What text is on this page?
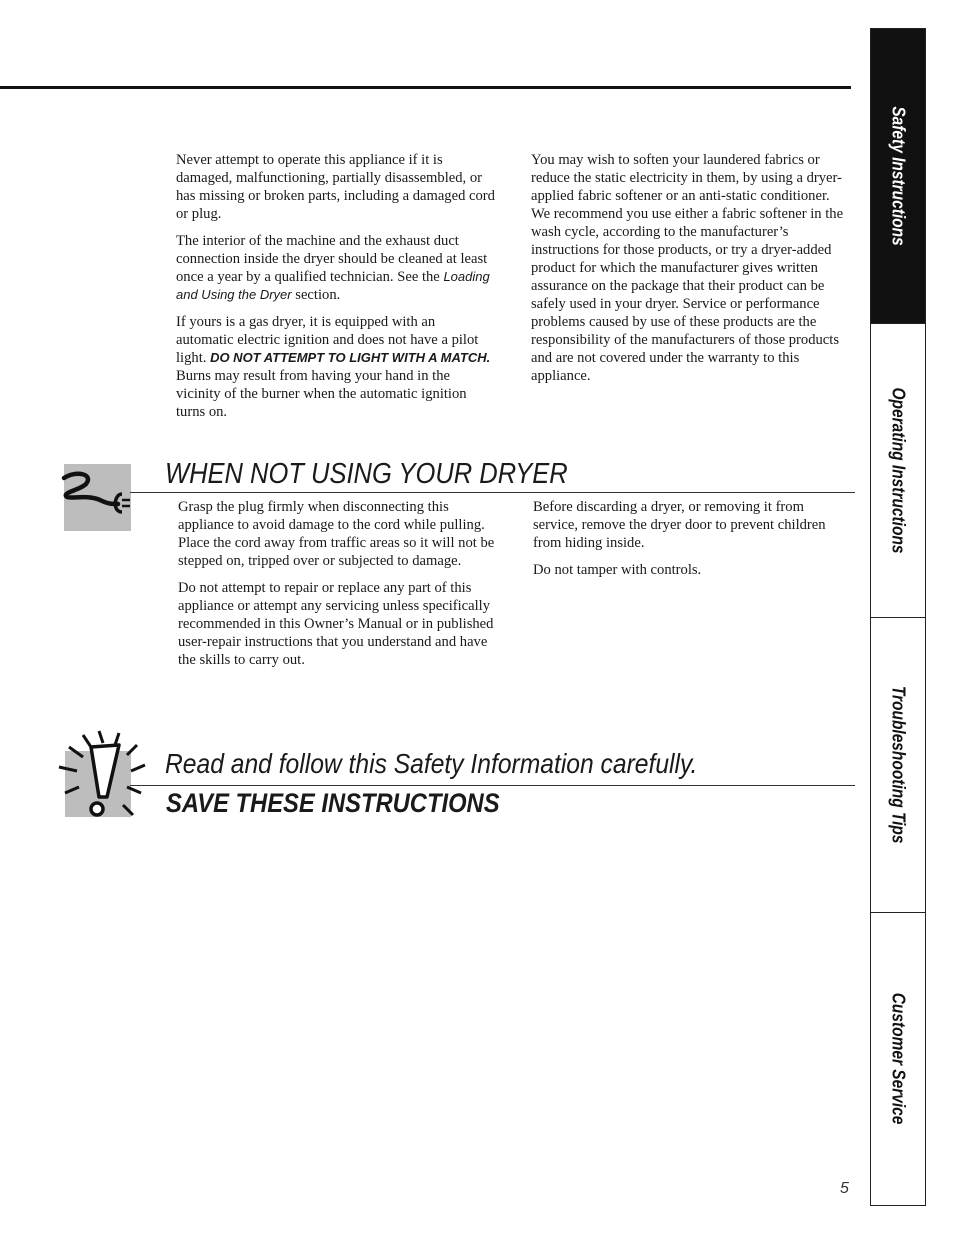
Never attempt to operate this appliance if it is damaged, malfunctioning, partially disassembled, or has missing or broken parts, including a damaged cord or plug.

The interior of the machine and the exhaust duct connection inside the dryer should be cleaned at least once a year by a qualified technician. See the Loading and Using the Dryer section.

If yours is a gas dryer, it is equipped with an automatic electric ignition and does not have a pilot light. DO NOT ATTEMPT TO LIGHT WITH A MATCH. Burns may result from having your hand in the vicinity of the burner when the automatic ignition turns on.

You may wish to soften your laundered fabrics or reduce the static electricity in them, by using a dryer-applied fabric softener or an anti-static conditioner. We recommend you use either a fabric softener in the wash cycle, according to the manufacturer’s instructions for those products, or try a dryer-added product for which the manufacturer gives written assurance on the package that their product can be safely used in your dryer. Service or performance problems caused by use of these products are the responsibility of the manufacturers of those products and are not covered under the warranty to this appliance.

WHEN NOT USING YOUR DRYER

Grasp the plug firmly when disconnecting this appliance to avoid damage to the cord while pulling. Place the cord away from traffic areas so it will not be stepped on, tripped over or subjected to damage.

Do not attempt to repair or replace any part of this appliance or attempt any servicing unless specifically recommended in this Owner’s Manual or in published user-repair instructions that you understand and have the skills to carry out.

Before discarding a dryer, or removing it from service, remove the dryer door to prevent children from hiding inside.

Do not tamper with controls.

Read and follow this Safety Information carefully.
SAVE THESE INSTRUCTIONS
Safety Instructions
Operating Instructions
Troubleshooting Tips
Customer Service
5
